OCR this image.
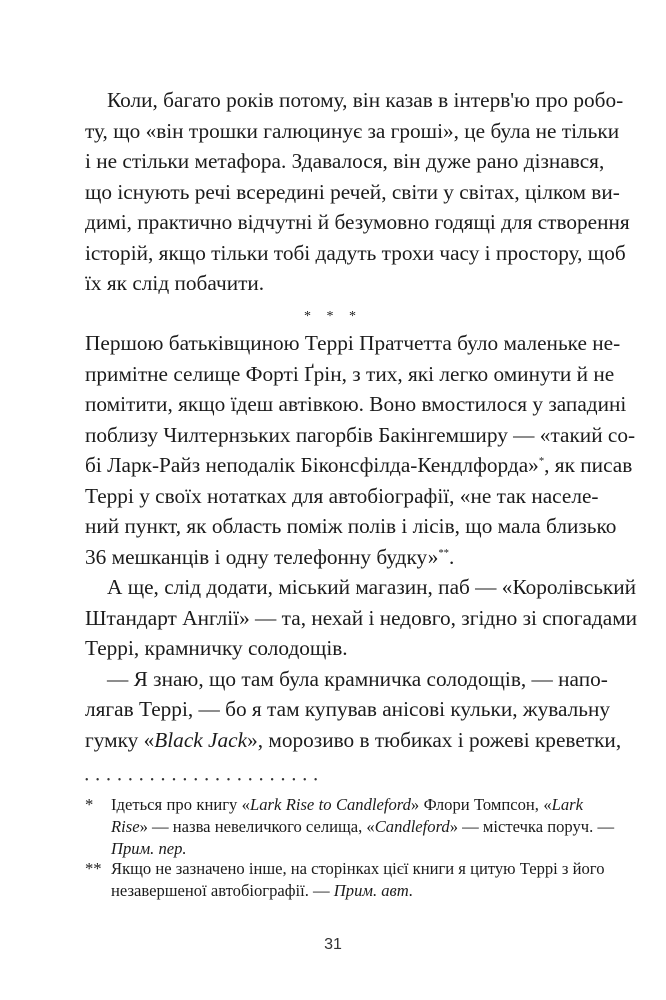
Коли, багато років потому, він казав в інтерв'ю про робо-
ту, що «він трошки галюцинує за гроші», це була не тільки
і не стільки метафора. Здавалося, він дуже рано дізнався,
що існують речі всередині речей, світи у світах, цілком ви-
димі, практично відчутні й безумовно годящі для створення
історій, якщо тільки тобі дадуть трохи часу і простору, щоб
їх як слід побачити.
* * *
Першою батьківщиною Террі Пратчетта було маленьке не-
примітне селище Форті Ґрін, з тих, які легко оминути й не
помітити, якщо їдеш автівкою. Воно вмостилося у западині
поблизу Чилтернзьких пагорбів Бакінгемширу — «такий со-
бі Ларк-Райз неподалік Біконсфілда-Кендлфорда»*, як писав
Террі у своїх нотатках для автобіографії, «не так населе-
ний пункт, як область поміж полів і лісів, що мала близько
36 мешканців і одну телефонну будку»**.
А ще, слід додати, міський магазин, паб — «Королівський
Штандарт Англії» — та, нехай і недовго, згідно зі спогадами
Террі, крамничку солодощів.
— Я знаю, що там була крамничка солодощів, — напо-
лягав Террі, — бо я там купував анісові кульки, жувальну
гумку «Black Jack», морозиво в тюбиках і рожеві креветки,
••••••••••••••••••••••
* Ідеться про книгу «Lark Rise to Candleford» Флори Томпсон, «Lark
Rise» — назва невеличкого селища, «Candleford» — містечка поруч. —
Прим. пер.
** Якщо не зазначено інше, на сторінках цієї книги я цитую Террі з його
незавершеної автобіографії. — Прим. авт.
31
